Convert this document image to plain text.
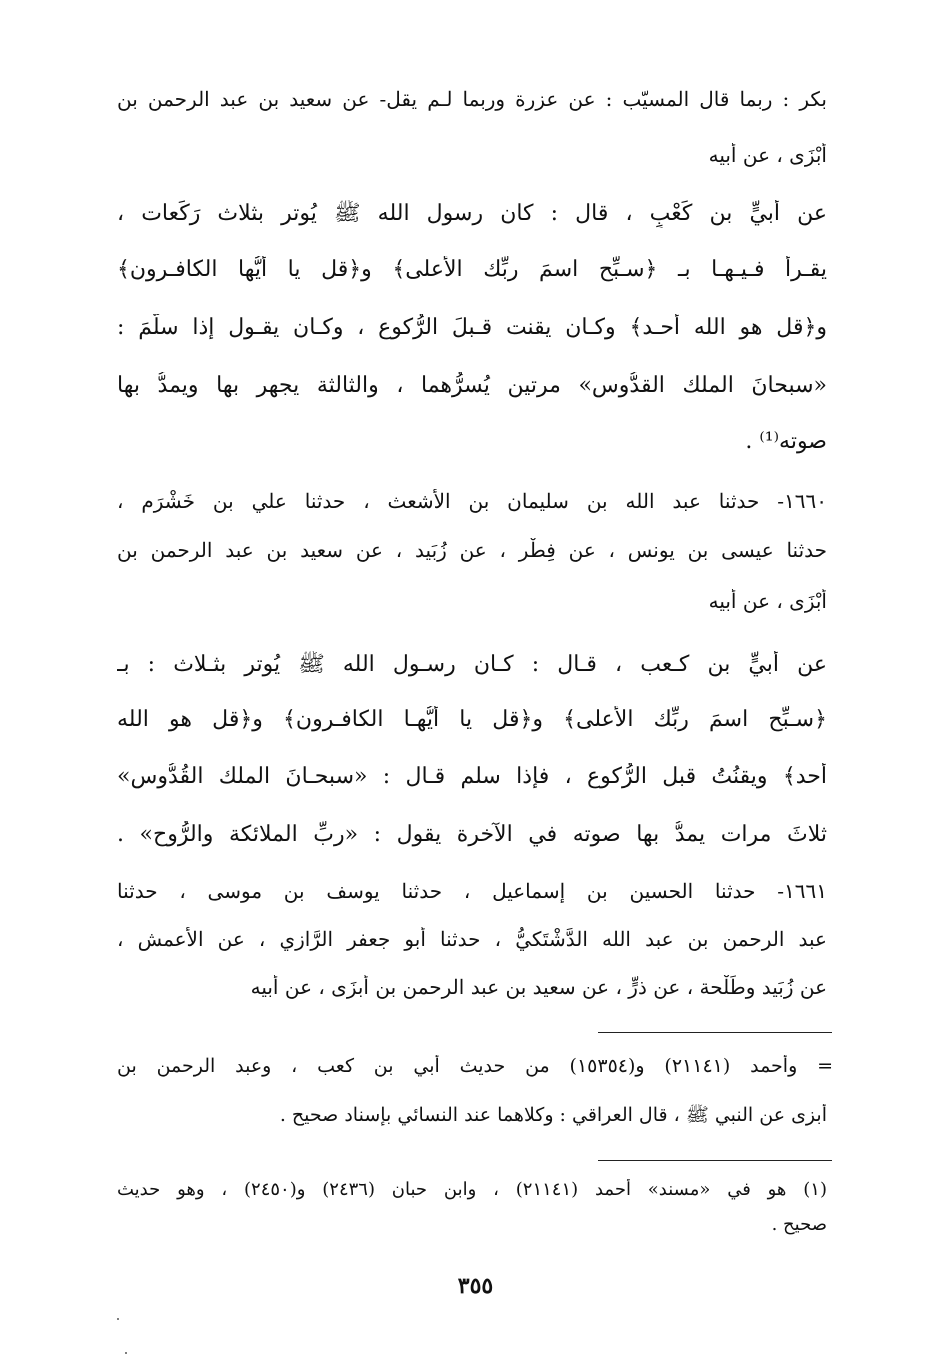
بكر : ربما قال المسيّب : عن عزرة وربما لـم يقل- عن سعيد بن عبد الرحمن بن
أَبْزَى ، عن أبيه
عن أُبيٍّ بن كَعْبٍ ، قال : كان رسول الله ﷺ يُوتر بثلاث رَكَعات ،
يقـرأ فـيـهـا بـ ﴿سـبِّح اسمَ ربِّك الأعلى﴾ و﴿قل يا أيُّها الكافـرون﴾
و﴿قل هو الله أحـد﴾ وكـان يقنت قـبلَ الرُّكوع ، وكـان يقـول إذا سلَّمَ :
«سبحانَ الملك القدُّوس» مرتين يُسرُّهما ، والثالثة يجهر بها ويمدُّ بها
صوته⁽¹⁾ .
١٦٦٠- حدثنا عبد الله بن سليمان بن الأشعث ، حدثنا علي بن خَشْرَم ،
حدثنا عيسى بن يونس ، عن فِطْر ، عن زُبَيد ، عن سعيد بن عبد الرحمن بن
أَبْزَى ، عن أبيه
عن أُبيٍّ بن كـعب ، قـال : كـان رسـول الله ﷺ يُوتر بثـلاث : بـ
﴿سـبِّح اسمَ ربِّك الأعلى﴾ و﴿قل يا أيُّهـا الكافـرون﴾ و﴿قل هو الله
أحد﴾ ويقنُتُ قبل الرُّكوع ، فإذا سلم قـال : «سبحـانَ الملك القُدُّوس»
ثلاثَ مرات يمدُّ بها صوته في الآخرة يقول : «ربِّ الملائكة والرُّوح» .
١٦٦١- حدثنا الحسين بن إسماعيل ، حدثنا يوسف بن موسى ، حدثنا
عبد الرحمن بن عبد الله الدَّشْتَكيُّ ، حدثنا أبو جعفر الرَّازي ، عن الأعمش ،
عن زُبَيد وطَلْحة ، عن ذرٍّ ، عن سعيد بن عبد الرحمن بن أبزَى ، عن أبيه
= وأحمد (٢١١٤١) و(١٥٣٥٤) من حديث أُبي بن كعب ، وعبد الرحمن بن
أبزى عن النبي ﷺ ، قال العراقي : وكلاهما عند النسائي بإسناد صحيح .
(١) هو في «مسند» أحمد (٢١١٤١) ، وابن حبان (٢٤٣٦) و(٢٤٥٠) ، وهو حديث
صحيح .
٣٥٥
